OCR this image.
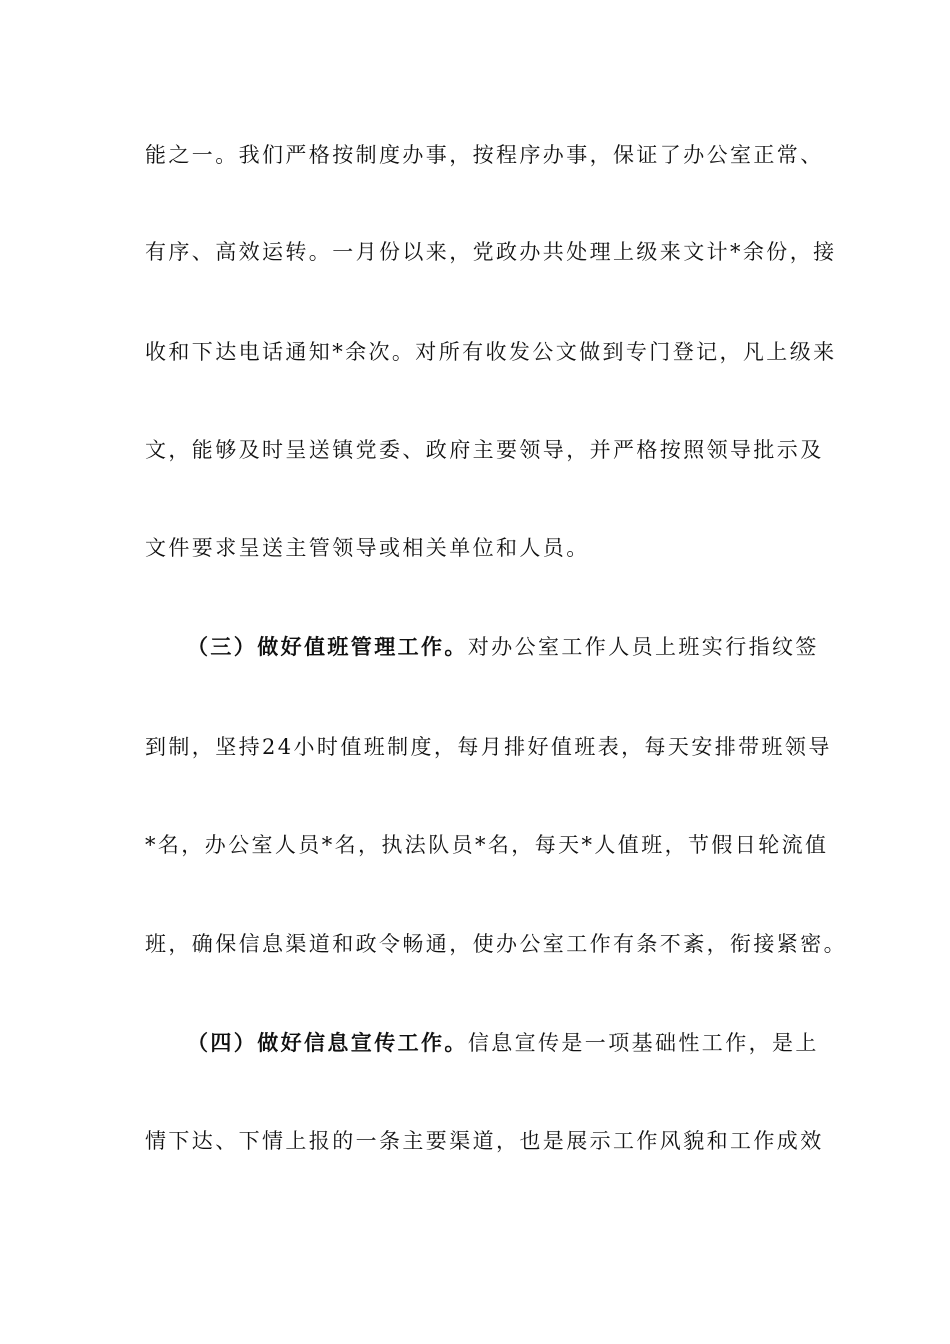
能之一。我们严格按制度办事，按程序办事，保证了办公室正常、
有序、高效运转。一月份以来，党政办共处理上级来文计*余份，接
收和下达电话通知*余次。对所有收发公文做到专门登记，凡上级来
文，能够及时呈送镇党委、政府主要领导，并严格按照领导批示及
文件要求呈送主管领导或相关单位和人员。
（三）做好值班管理工作。对办公室工作人员上班实行指纹签
到制，坚持24小时值班制度，每月排好值班表，每天安排带班领导
*名，办公室人员*名，执法队员*名，每天*人值班，节假日轮流值
班，确保信息渠道和政令畅通，使办公室工作有条不紊，衔接紧密。
（四）做好信息宣传工作。信息宣传是一项基础性工作，是上
情下达、下情上报的一条主要渠道，也是展示工作风貌和工作成效
